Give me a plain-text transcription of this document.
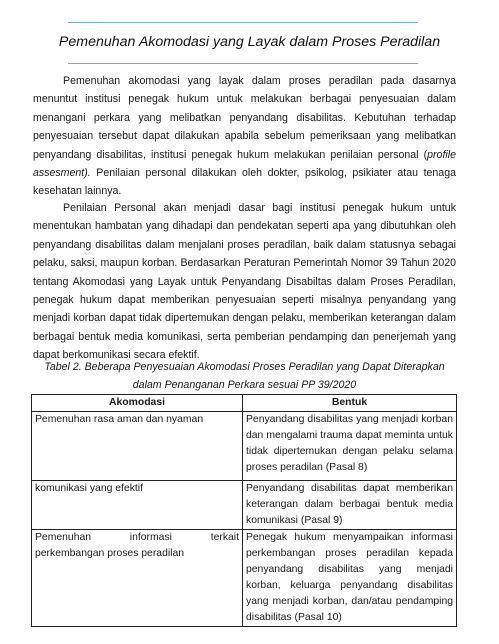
Pemenuhan Akomodasi yang Layak dalam Proses Peradilan

Pemenuhan akomodasi yang layak dalam proses peradilan pada dasarnya menuntut institusi penegak hukum untuk melakukan berbagai penyesuaian dalam menangani perkara yang melibatkan penyandang disabilitas. Kebutuhan terhadap penyesuaian tersebut dapat dilakukan apabila sebelum pemeriksaan yang melibatkan penyandang disabilitas, institusi penegak hukum melakukan penilaian personal (profile assesment). Penilaian personal dilakukan oleh dokter, psikolog, psikiater atau tenaga kesehatan lainnya.

Penilaian Personal akan menjadi dasar bagi institusi penegak hukum untuk menentukan hambatan yang dihadapi dan pendekatan seperti apa yang dibutuhkan oleh penyandang disabilitas dalam menjalani proses peradilan, baik dalam statusnya sebagai pelaku, saksi, maupun korban. Berdasarkan Peraturan Pemerintah Nomor 39 Tahun 2020 tentang Akomodasi yang Layak untuk Penyandang Disabiltas dalam Proses Peradilan, penegak hukum dapat memberikan penyesuaian seperti misalnya penyandang yang menjadi korban dapat tidak dipertemukan dengan pelaku, memberikan keterangan dalam berbagai bentuk media komunikasi, serta pemberian pendamping dan penerjemah yang dapat berkomunikasi secara efektif.

Tabel 2. Beberapa Penyesuaian Akomodasi Proses Peradilan yang Dapat Diterapkan
dalam Penanganan Perkara sesuai PP 39/2020
Akomodasi	Bentuk
Pemenuhan rasa aman dan nyaman	Penyandang disabilitas yang menjadi korban dan mengalami trauma dapat meminta untuk tidak dipertemukan dengan pelaku selama proses peradilan (Pasal 8)
komunikasi yang efektif	Penyandang disabilitas dapat memberikan keterangan dalam berbagai bentuk media komunikasi (Pasal 9)
Pemenuhan informasi terkait perkembangan proses peradilan	Penegak hukum menyampaikan informasi perkembangan proses peradilan kepada penyandang disabilitas yang menjadi korban, keluarga penyandang disabilitas yang menjadi korban, dan/atau pendamping disabilitas (Pasal 10)
